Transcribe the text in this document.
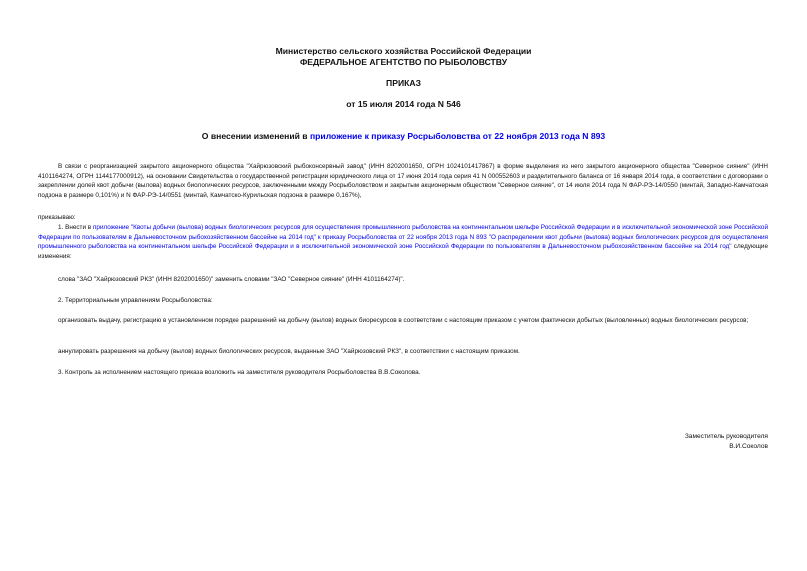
Министерство сельского хозяйства Российской Федерации
ФЕДЕРАЛЬНОЕ АГЕНТСТВО ПО РЫБОЛОВСТВУ
ПРИКАЗ
от 15 июля 2014 года N 546
О внесении изменений в приложение к приказу Росрыболовства от 22 ноября 2013 года N 893
В связи с реорганизацией закрытого акционерного общества "Хайрюзовский рыбоконсервный завод" (ИНН 8202001650, ОГРН 1024101417867) в форме выделения из него закрытого акционерного общества "Северное сияние" (ИНН 4101164274, ОГРН 1144177000912), на основании Свидетельства о государственной регистрации юридического лица от 17 июня 2014 года серия 41 N 000552603 и разделительного баланса от 16 января 2014 года, в соответствии с договорами о закреплении долей квот добычи (вылова) водных биологических ресурсов, заключенными между Росрыболовством и закрытым акционерным обществом "Северное сияние", от 14 июля 2014 года N ФАР-РЭ-14/0550 (минтай, Западно-Камчатская подзона в размере 0,101%) и N ФАР-РЭ-14/0551 (минтай, Камчатско-Курильская подзона в размере 0,167%),
приказываю:
1. Внести в приложение "Квоты добычи (вылова) водных биологических ресурсов для осуществления промышленного рыболовства на континентальном шельфе Российской Федерации и в исключительной экономической зоне Российской Федерации по пользователям в Дальневосточном рыбохозяйственном бассейне на 2014 год" к приказу Росрыболовства от 22 ноября 2013 года N 893 "О распределении квот добычи (вылова) водных биологических ресурсов для осуществления промышленного рыболовства на континентальном шельфе Российской Федерации и в исключительной экономической зоне Российской Федерации по пользователям в Дальневосточном рыбохозяйственном бассейне на 2014 год" следующие изменения:
слова "ЗАО "Хайрюзовский РКЗ" (ИНН 8202001650)" заменить словами "ЗАО "Северное сияние" (ИНН 4101164274)".
2. Территориальным управлениям Росрыболовства:
организовать выдачу, регистрацию в установленном порядке разрешений на добычу (вылов) водных биоресурсов в соответствии с настоящим приказом с учетом фактически добытых (выловленных) водных биологических ресурсов;
аннулировать разрешения на добычу (вылов) водных биологических ресурсов, выданные ЗАО "Хайрюзовский РКЗ", в соответствии с настоящим приказом.
3. Контроль за исполнением настоящего приказа возложить на заместителя руководителя Росрыболовства В.В.Соколова.
Заместитель руководителя
В.И.Соколов
